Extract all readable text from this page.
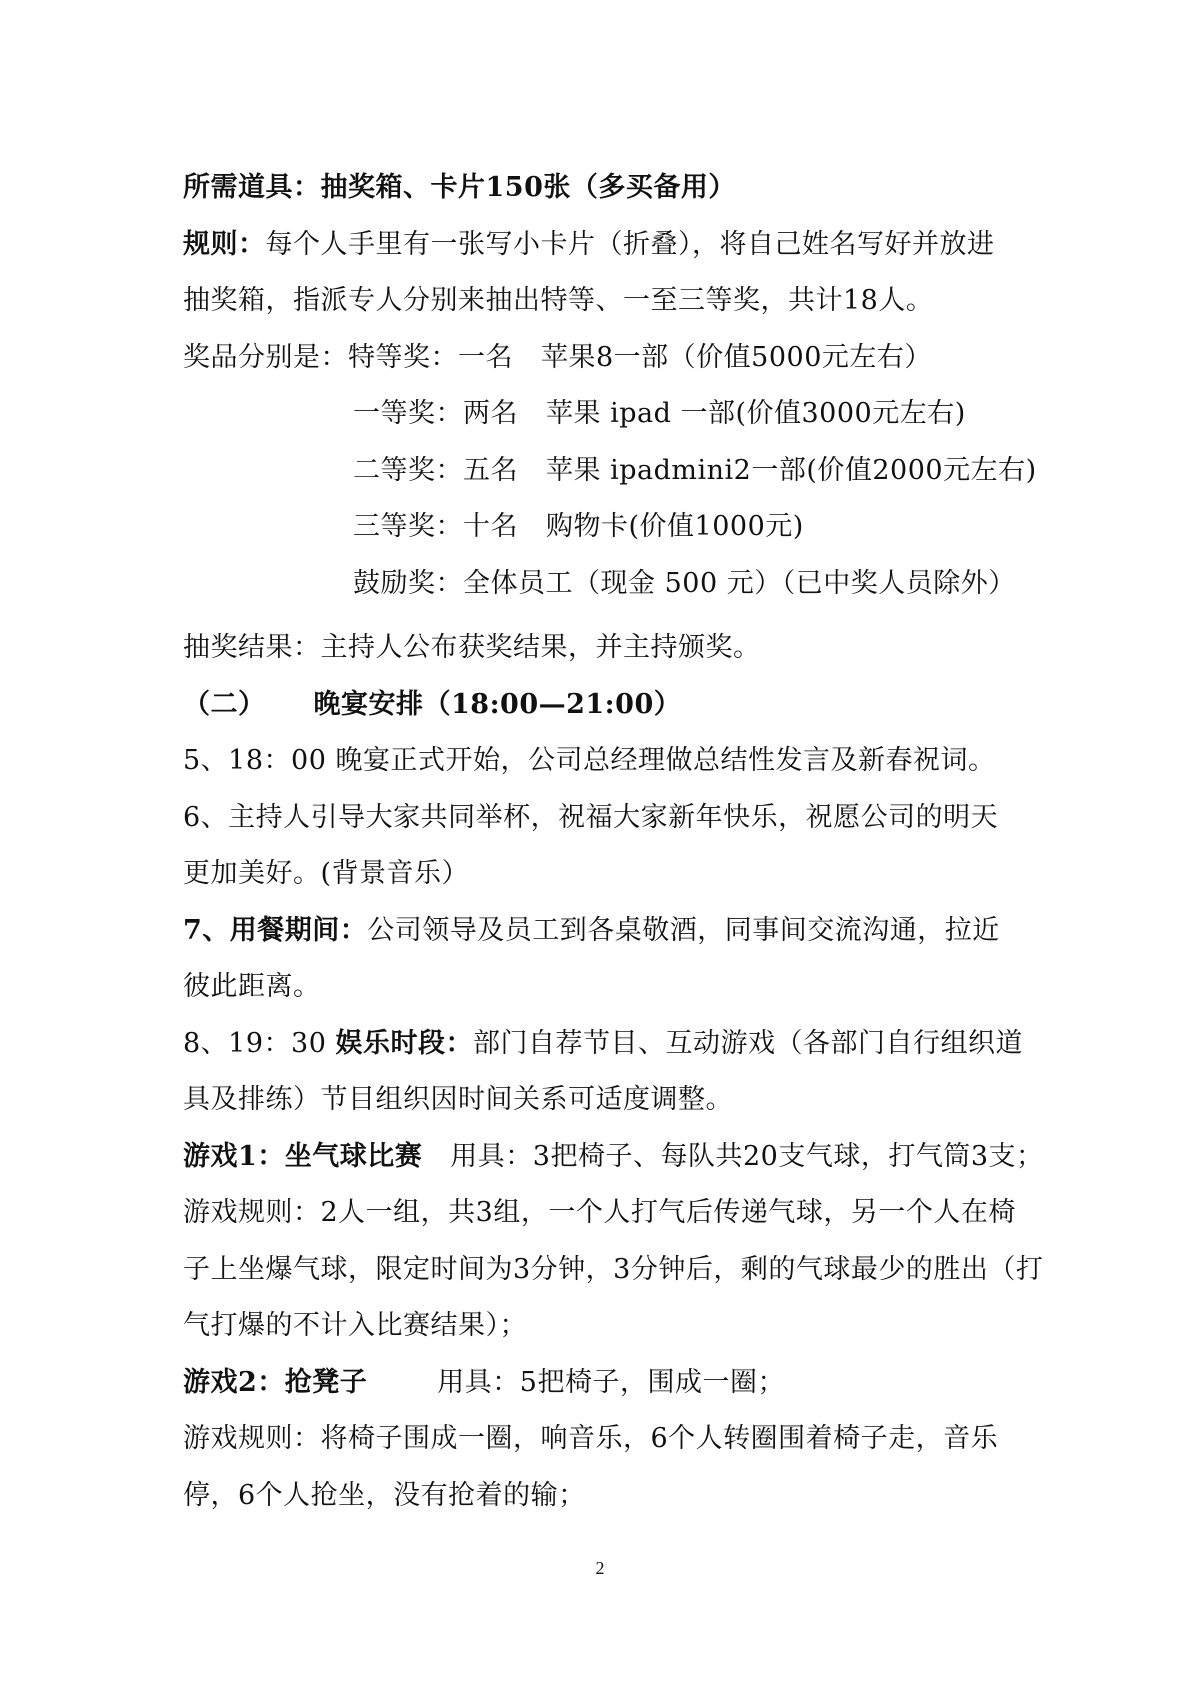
所需道具：抽奖箱、卡片150张（多买备用）
规则：每个人手里有一张写小卡片（折叠），将自己姓名写好并放进
抽奖箱，指派专人分别来抽出特等、一至三等奖，共计18人。
奖品分别是：特等奖：一名 苹果8一部（价值5000元左右）
一等奖：两名 苹果 ipad 一部(价值3000元左右)
二等奖：五名 苹果 ipadmini2一部(价值2000元左右)
三等奖：十名 购物卡(价值1000元)
鼓励奖：全体员工（现金 500 元）（已中奖人员除外）
抽奖结果：主持人公布获奖结果，并主持颁奖。
（二） 晚宴安排（18:00—21:00）
5、18：00 晚宴正式开始，公司总经理做总结性发言及新春祝词。
6、主持人引导大家共同举杯，祝福大家新年快乐，祝愿公司的明天
更加美好。(背景音乐）
7、用餐期间：公司领导及员工到各桌敬酒，同事间交流沟通，拉近
彼此距离。
8、19：30 娱乐时段：部门自荐节目、互动游戏（各部门自行组织道
具及排练）节目组织因时间关系可适度调整。
游戏1：坐气球比赛 用具：3把椅子、每队共20支气球，打气筒3支；
游戏规则：2人一组，共3组，一个人打气后传递气球，另一个人在椅
子上坐爆气球，限定时间为3分钟，3分钟后，剩的气球最少的胜出（打
气打爆的不计入比赛结果）；
游戏2：抢凳子	用具：5把椅子，围成一圈；
游戏规则：将椅子围成一圈，响音乐，6个人转圈围着椅子走，音乐
停，6个人抢坐，没有抢着的输；
2
